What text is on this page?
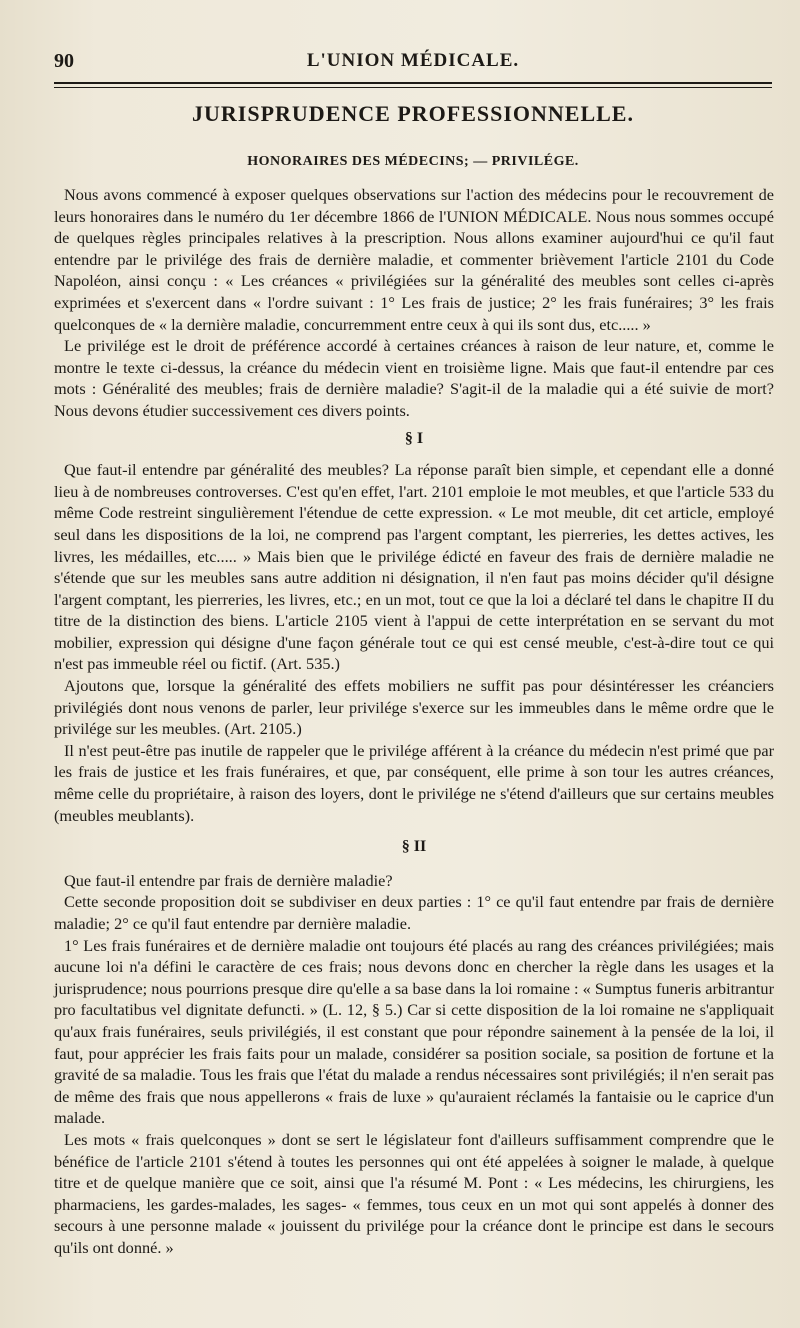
90	L'UNION MÉDICALE.
JURISPRUDENCE PROFESSIONNELLE.
HONORAIRES DES MÉDECINS; — PRIVILÉGE.

Nous avons commencé à exposer quelques observations sur l'action des médecins pour le recouvrement de leurs honoraires dans le numéro du 1er décembre 1866 de l'UNION MÉDICALE. Nous nous sommes occupé de quelques règles principales relatives à la prescription. Nous allons examiner aujourd'hui ce qu'il faut entendre par le privilége des frais de dernière maladie, et commenter brièvement l'article 2101 du Code Napoléon, ainsi conçu : « Les créances « privilégiées sur la généralité des meubles sont celles ci-après exprimées et s'exercent dans « l'ordre suivant : 1° Les frais de justice; 2° les frais funéraires; 3° les frais quelconques de « la dernière maladie, concurremment entre ceux à qui ils sont dus, etc..... »

Le privilége est le droit de préférence accordé à certaines créances à raison de leur nature, et, comme le montre le texte ci-dessus, la créance du médecin vient en troisième ligne. Mais que faut-il entendre par ces mots : Généralité des meubles; frais de dernière maladie? S'agit-il de la maladie qui a été suivie de mort? Nous devons étudier successivement ces divers points.

§ I

Que faut-il entendre par généralité des meubles? La réponse paraît bien simple, et cependant elle a donné lieu à de nombreuses controverses. C'est qu'en effet, l'art. 2101 emploie le mot meubles, et que l'article 533 du même Code restreint singulièrement l'étendue de cette expression. « Le mot meuble, dit cet article, employé seul dans les dispositions de la loi, ne comprend pas l'argent comptant, les pierreries, les dettes actives, les livres, les médailles, etc..... » Mais bien que le privilége édicté en faveur des frais de dernière maladie ne s'étende que sur les meubles sans autre addition ni désignation, il n'en faut pas moins décider qu'il désigne l'argent comptant, les pierreries, les livres, etc.; en un mot, tout ce que la loi a déclaré tel dans le chapitre II du titre de la distinction des biens. L'article 2105 vient à l'appui de cette interprétation en se servant du mot mobilier, expression qui désigne d'une façon générale tout ce qui est censé meuble, c'est-à-dire tout ce qui n'est pas immeuble réel ou fictif. (Art. 535.)

Ajoutons que, lorsque la généralité des effets mobiliers ne suffit pas pour désintéresser les créanciers privilégiés dont nous venons de parler, leur privilége s'exerce sur les immeubles dans le même ordre que le privilége sur les meubles. (Art. 2105.)

Il n'est peut-être pas inutile de rappeler que le privilége afférent à la créance du médecin n'est primé que par les frais de justice et les frais funéraires, et que, par conséquent, elle prime à son tour les autres créances, même celle du propriétaire, à raison des loyers, dont le privilége ne s'étend d'ailleurs que sur certains meubles (meubles meublants).

§ II

Que faut-il entendre par frais de dernière maladie?

Cette seconde proposition doit se subdiviser en deux parties : 1° ce qu'il faut entendre par frais de dernière maladie; 2° ce qu'il faut entendre par dernière maladie.

1° Les frais funéraires et de dernière maladie ont toujours été placés au rang des créances privilégiées; mais aucune loi n'a défini le caractère de ces frais; nous devons donc en chercher la règle dans les usages et la jurisprudence; nous pourrions presque dire qu'elle a sa base dans la loi romaine : « Sumptus funeris arbitrantur pro facultatibus vel dignitate defuncti. » (L. 12, § 5.) Car si cette disposition de la loi romaine ne s'appliquait qu'aux frais funéraires, seuls privilégiés, il est constant que pour répondre sainement à la pensée de la loi, il faut, pour apprécier les frais faits pour un malade, considérer sa position sociale, sa position de fortune et la gravité de sa maladie. Tous les frais que l'état du malade a rendus nécessaires sont privilégiés; il n'en serait pas de même des frais que nous appellerons « frais de luxe » qu'auraient réclamés la fantaisie ou le caprice d'un malade.

Les mots « frais quelconques » dont se sert le législateur font d'ailleurs suffisamment comprendre que le bénéfice de l'article 2101 s'étend à toutes les personnes qui ont été appelées à soigner le malade, à quelque titre et de quelque manière que ce soit, ainsi que l'a résumé M. Pont : « Les médecins, les chirurgiens, les pharmaciens, les gardes-malades, les sages- « femmes, tous ceux en un mot qui sont appelés à donner des secours à une personne malade « jouissent du privilége pour la créance dont le principe est dans le secours qu'ils ont donné. »
